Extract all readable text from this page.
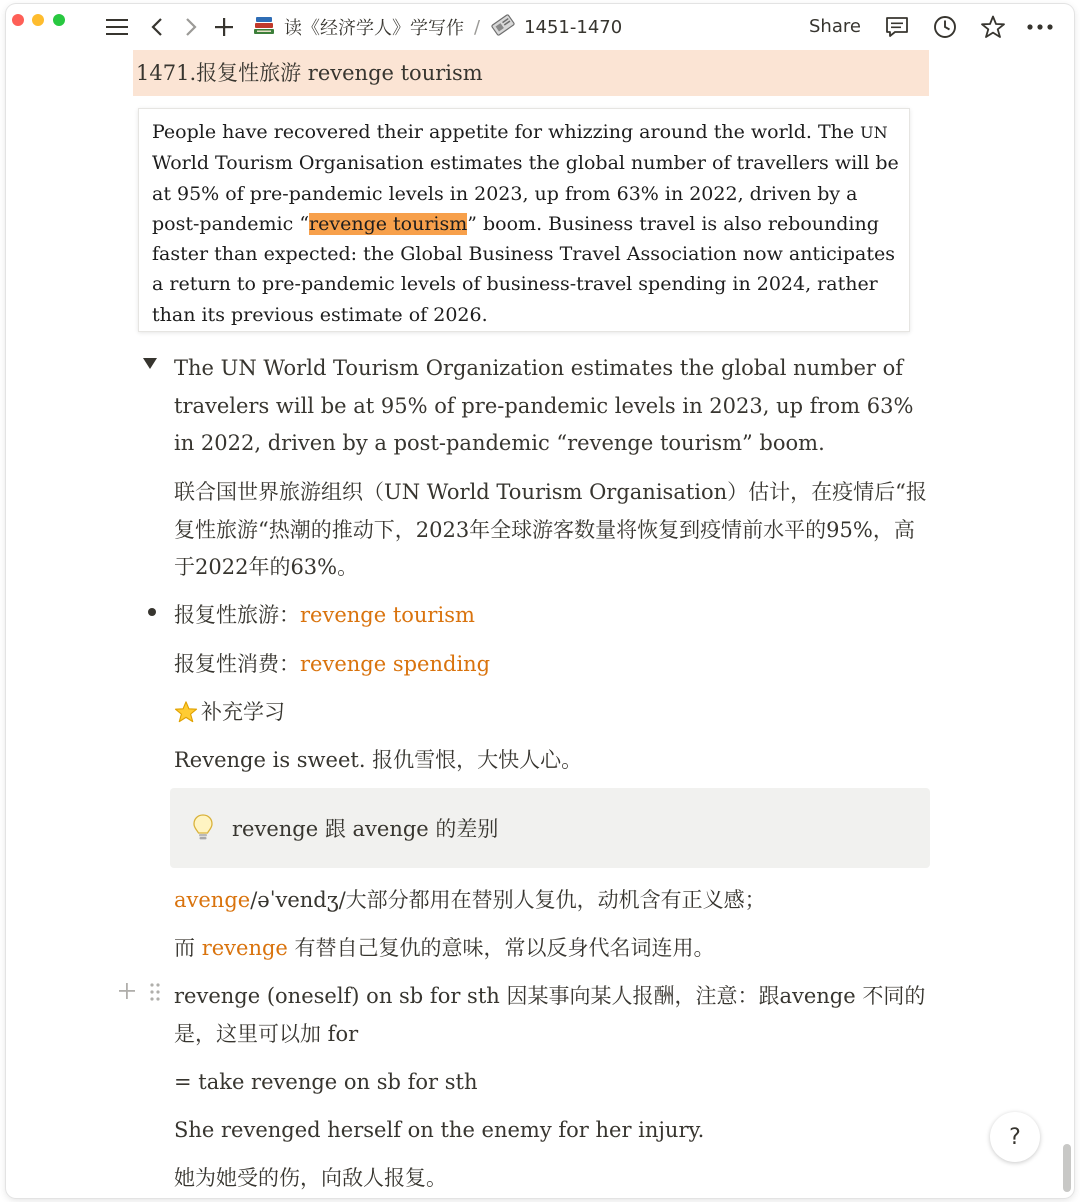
读《经济学人》学写作 / 1451-1470	Share
1471.报复性旅游 revenge tourism
People have recovered their appetite for whizzing around the world. The UN World Tourism Organisation estimates the global number of travellers will be at 95% of pre-pandemic levels in 2023, up from 63% in 2022, driven by a post-pandemic “revenge tourism” boom. Business travel is also rebounding faster than expected: the Global Business Travel Association now anticipates a return to pre-pandemic levels of business-travel spending in 2024, rather than its previous estimate of 2026.
The UN World Tourism Organization estimates the global number of travelers will be at 95% of pre-pandemic levels in 2023, up from 63% in 2022, driven by a post-pandemic “revenge tourism” boom.
联合国世界旅游组织（UN World Tourism Organisation）估计，在疫情后“报复性旅游“热潮的推动下，2023年全球游客数量将恢复到疫情前水平的95%，高于2022年的63%。
报复性旅游：revenge tourism
报复性消费：revenge spending
补充学习
Revenge is sweet. 报仇雪恨，大快人心。
revenge 跟 avenge 的差别
avenge/əˈvendʒ/大部分都用在替别人复仇，动机含有正义感；
而 revenge 有替自己复仇的意味，常以反身代名词连用。
revenge (oneself) on sb for sth 因某事向某人报酬，注意：跟avenge 不同的是，这里可以加 for
= take revenge on sb for sth
She revenged herself on the enemy for her injury.
她为她受的伤，向敌人报复。
?
